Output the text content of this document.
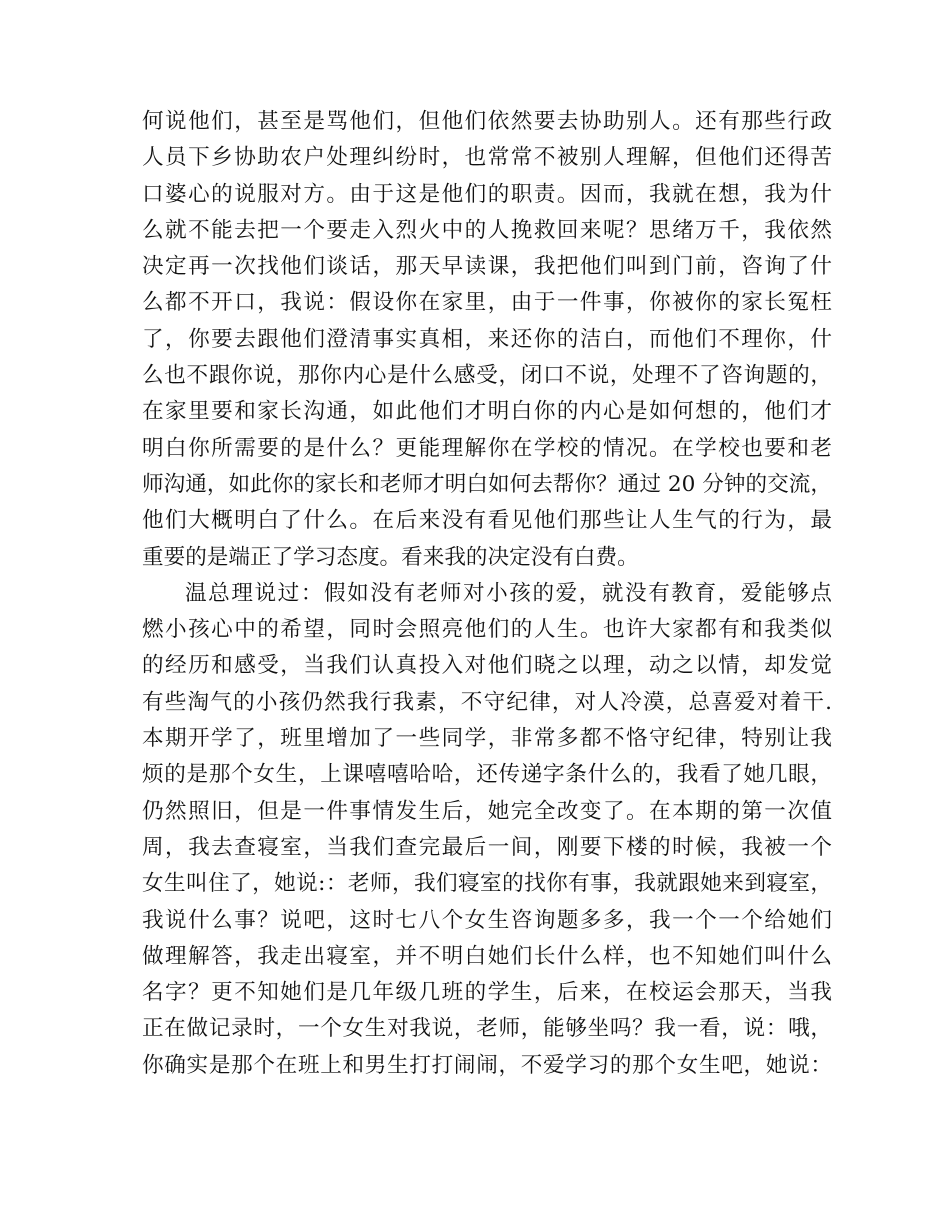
何说他们，甚至是骂他们，但他们依然要去协助别人。还有那些行政
人员下乡协助农户处理纠纷时，也常常不被别人理解，但他们还得苦
口婆心的说服对方。由于这是他们的职责。因而，我就在想，我为什
么就不能去把一个要走入烈火中的人挽救回来呢？思绪万千，我依然
决定再一次找他们谈话，那天早读课，我把他们叫到门前，咨询了什
么都不开口，我说：假设你在家里，由于一件事，你被你的家长冤枉
了，你要去跟他们澄清事实真相，来还你的洁白，而他们不理你，什
么也不跟你说，那你内心是什么感受，闭口不说，处理不了咨询题的，
在家里要和家长沟通，如此他们才明白你的内心是如何想的，他们才
明白你所需要的是什么？更能理解你在学校的情况。在学校也要和老
师沟通，如此你的家长和老师才明白如何去帮你？通过 20 分钟的交流，
他们大概明白了什么。在后来没有看见他们那些让人生气的行为，最
重要的是端正了学习态度。看来我的决定没有白费。
温总理说过：假如没有老师对小孩的爱，就没有教育，爱能够点
燃小孩心中的希望，同时会照亮他们的人生。也许大家都有和我类似
的经历和感受，当我们认真投入对他们晓之以理，动之以情，却发觉
有些淘气的小孩仍然我行我素，不守纪律，对人冷漠，总喜爱对着干.
本期开学了，班里增加了一些同学，非常多都不恪守纪律，特别让我
烦的是那个女生，上课嘻嘻哈哈，还传递字条什么的，我看了她几眼，
仍然照旧，但是一件事情发生后，她完全改变了。在本期的第一次值
周，我去查寝室，当我们查完最后一间，刚要下楼的时候，我被一个
女生叫住了，她说:：老师，我们寝室的找你有事，我就跟她来到寝室，
我说什么事？说吧，这时七八个女生咨询题多多，我一个一个给她们
做理解答，我走出寝室，并不明白她们长什么样，也不知她们叫什么
名字？更不知她们是几年级几班的学生，后来，在校运会那天，当我
正在做记录时，一个女生对我说，老师，能够坐吗？我一看，说：哦，
你确实是那个在班上和男生打打闹闹，不爱学习的那个女生吧，她说：
